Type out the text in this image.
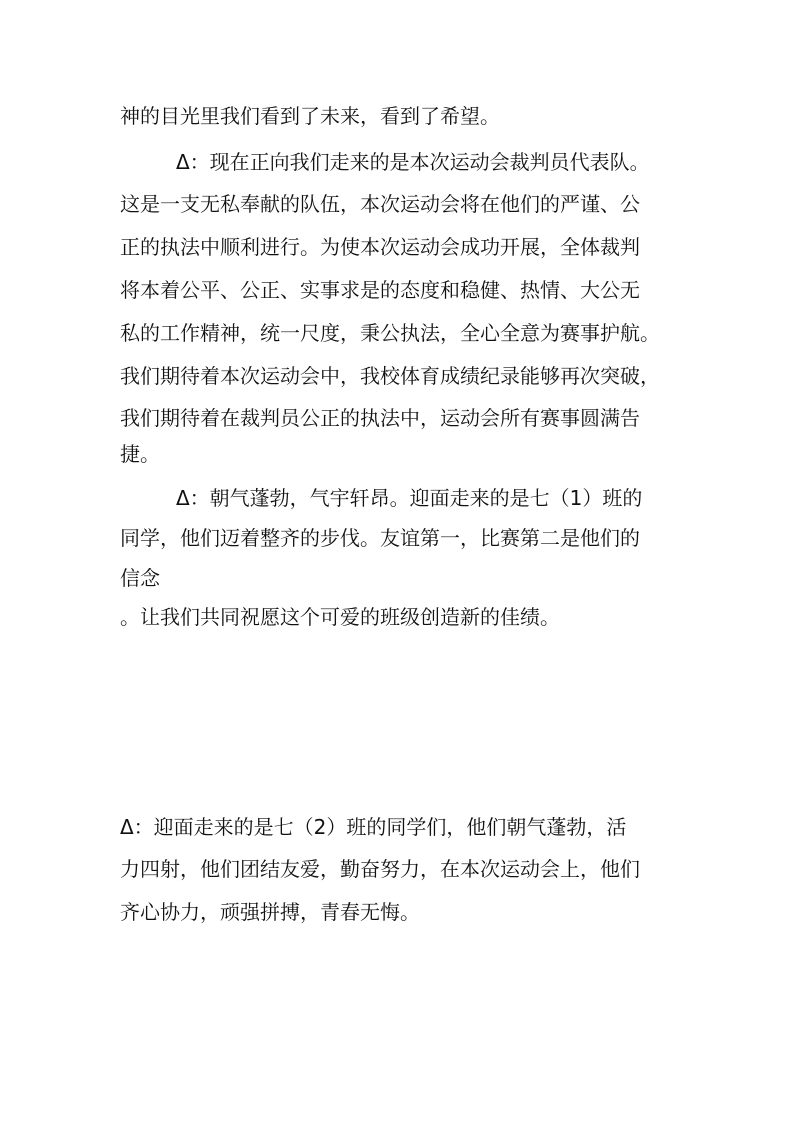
神的目光里我们看到了未来，看到了希望。
Δ：现在正向我们走来的是本次运动会裁判员代表队。
这是一支无私奉献的队伍，本次运动会将在他们的严谨、公
正的执法中顺利进行。为使本次运动会成功开展，全体裁判
将本着公平、公正、实事求是的态度和稳健、热情、大公无
私的工作精神，统一尺度，秉公执法，全心全意为赛事护航。
我们期待着本次运动会中，我校体育成绩纪录能够再次突破，
我们期待着在裁判员公正的执法中，运动会所有赛事圆满告
捷。
Δ：朝气蓬勃，气宇轩昂。迎面走来的是七（1）班的
同学，他们迈着整齐的步伐。友谊第一，比赛第二是他们的
信念
。让我们共同祝愿这个可爱的班级创造新的佳绩。
Δ：迎面走来的是七（2）班的同学们，他们朝气蓬勃，活
力四射，他们团结友爱，勤奋努力，在本次运动会上，他们
齐心协力，顽强拼搏，青春无悔。
